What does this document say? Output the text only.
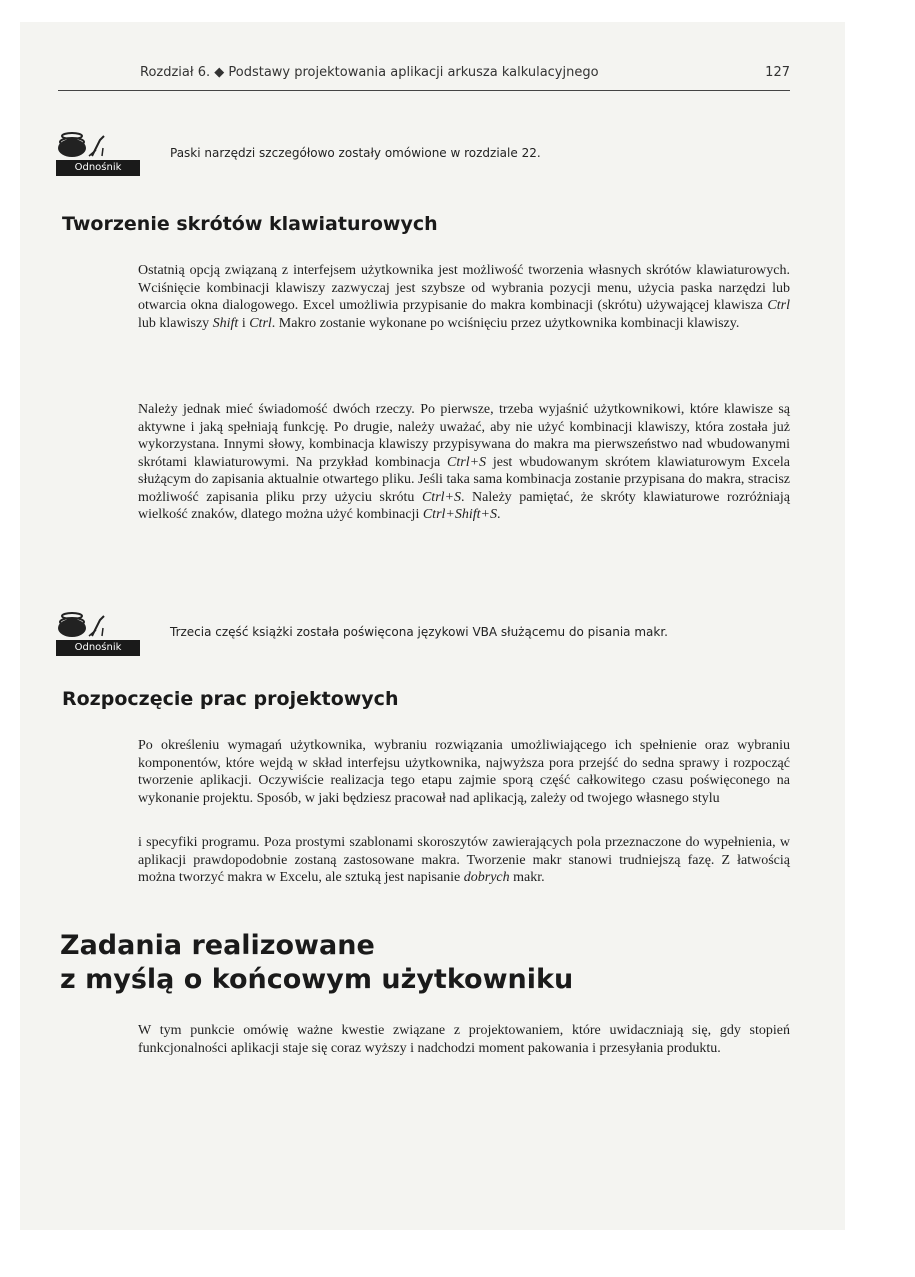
Rozdział 6. ◆ Podstawy projektowania aplikacji arkusza kalkulacyjnego	127
Odnośnik
Paski narzędzi szczegółowo zostały omówione w rozdziale 22.
Tworzenie skrótów klawiaturowych

Ostatnią opcją związaną z interfejsem użytkownika jest możliwość tworzenia własnych skrótów klawiaturowych. Wciśnięcie kombinacji klawiszy zazwyczaj jest szybsze od wybrania pozycji menu, użycia paska narzędzi lub otwarcia okna dialogowego. Excel umożliwia przypisanie do makra kombinacji (skrótu) używającej klawisza Ctrl lub klawiszy Shift i Ctrl. Makro zostanie wykonane po wciśnięciu przez użytkownika kombinacji klawiszy.

Należy jednak mieć świadomość dwóch rzeczy. Po pierwsze, trzeba wyjaśnić użytkownikowi, które klawisze są aktywne i jaką spełniają funkcję. Po drugie, należy uważać, aby nie użyć kombinacji klawiszy, która została już wykorzystana. Innymi słowy, kombinacja klawiszy przypisywana do makra ma pierwszeństwo nad wbudowanymi skrótami klawiaturowymi. Na przykład kombinacja Ctrl+S jest wbudowanym skrótem klawiaturowym Excela służącym do zapisania aktualnie otwartego pliku. Jeśli taka sama kombinacja zostanie przypisana do makra, stracisz możliwość zapisania pliku przy użyciu skrótu Ctrl+S. Należy pamiętać, że skróty klawiaturowe rozróżniają wielkość znaków, dlatego można użyć kombinacji Ctrl+Shift+S.

Odnośnik
Trzecia część książki została poświęcona językowi VBA służącemu do pisania makr.
Rozpoczęcie prac projektowych

Po określeniu wymagań użytkownika, wybraniu rozwiązania umożliwiającego ich spełnienie oraz wybraniu komponentów, które wejdą w skład interfejsu użytkownika, najwyższa pora przejść do sedna sprawy i rozpocząć tworzenie aplikacji. Oczywiście realizacja tego etapu zajmie sporą część całkowitego czasu poświęconego na wykonanie projektu. Sposób, w jaki będziesz pracował nad aplikacją, zależy od twojego własnego stylu

i specyfiki programu. Poza prostymi szablonami skoroszytów zawierających pola przeznaczone do wypełnienia, w aplikacji prawdopodobnie zostaną zastosowane makra. Tworzenie makr stanowi trudniejszą fazę. Z łatwością można tworzyć makra w Excelu, ale sztuką jest napisanie dobrych makr.

Zadania realizowane
z myślą o końcowym użytkowniku

W tym punkcie omówię ważne kwestie związane z projektowaniem, które uwidaczniają się, gdy stopień funkcjonalności aplikacji staje się coraz wyższy i nadchodzi moment pakowania i przesyłania produktu.
